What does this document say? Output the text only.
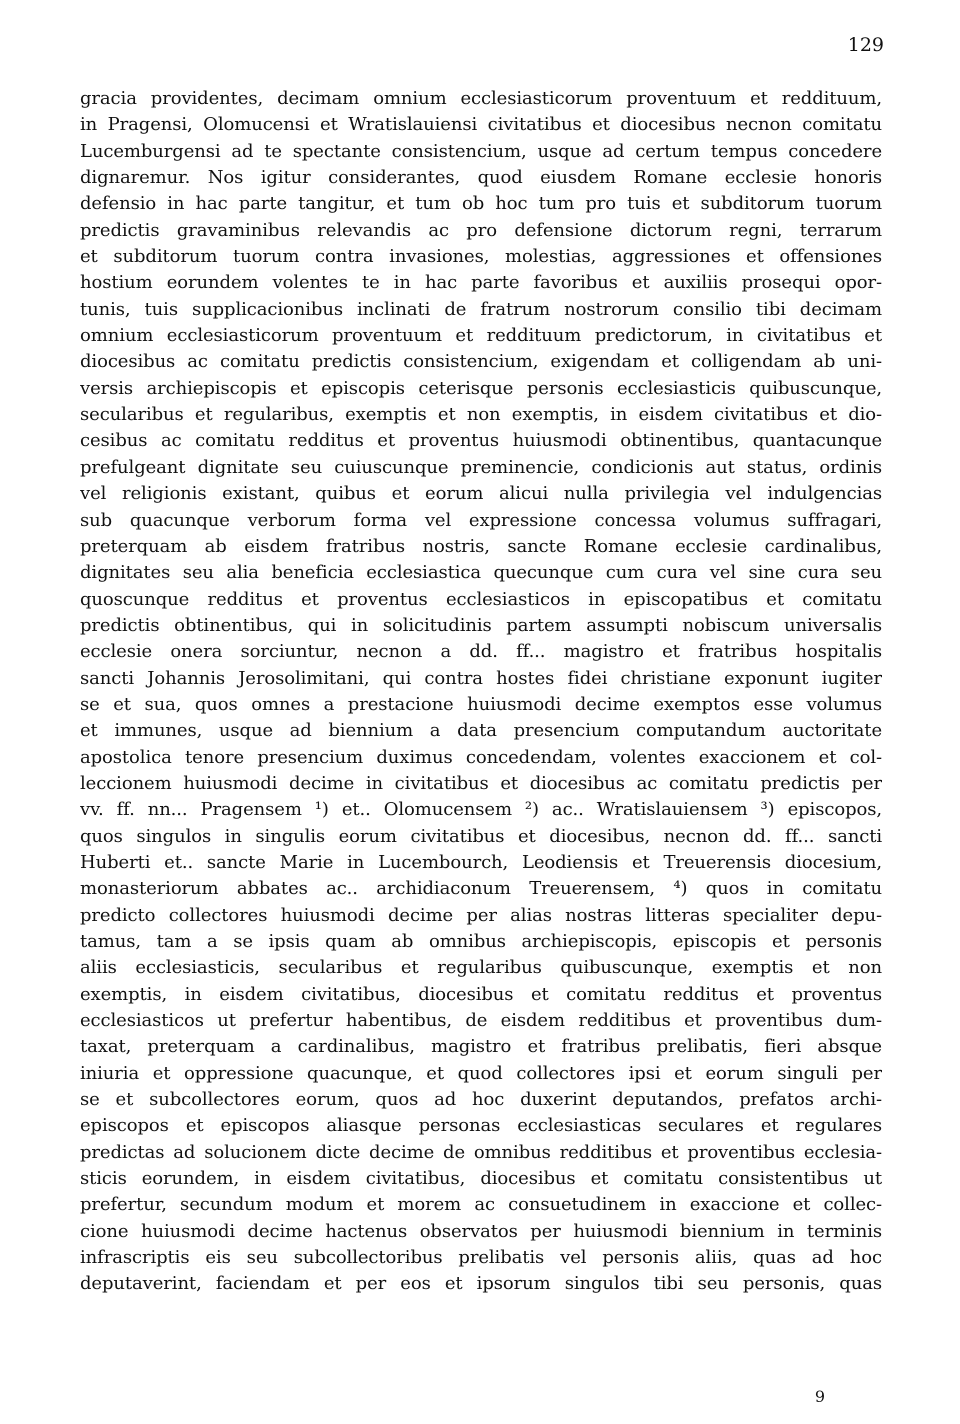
129
gracia providentes, decimam omnium ecclesiasticorum proventuum et reddituum,
in Pragensi, Olomucensi et Wratislauiensi civitatibus et diocesibus necnon comitatu
Lucemburgensi ad te spectante consistencium, usque ad certum tempus concedere
dignaremur. Nos igitur considerantes, quod eiusdem Romane ecclesie honoris
defensio in hac parte tangitur, et tum ob hoc tum pro tuis et subditorum tuorum
predictis gravaminibus relevandis ac pro defensione dictorum regni, terrarum
et subditorum tuorum contra invasiones, molestias, aggressiones et offensiones
hostium eorundem volentes te in hac parte favoribus et auxiliis prosequi opor-
tunis, tuis supplicacionibus inclinati de fratrum nostrorum consilio tibi decimam
omnium ecclesiasticorum proventuum et reddituum predictorum, in civitatibus et
diocesibus ac comitatu predictis consistencium, exigendam et colligendam ab uni-
versis archiepiscopis et episcopis ceterisque personis ecclesiasticis quibuscunque,
secularibus et regularibus, exemptis et non exemptis, in eisdem civitatibus et dio-
cesibus ac comitatu redditus et proventus huiusmodi obtinentibus, quantacunque
prefulgeant dignitate seu cuiuscunque preminencie, condicionis aut status, ordinis
vel religionis existant, quibus et eorum alicui nulla privilegia vel indulgencias
sub quacunque verborum forma vel expressione concessa volumus suffragari,
preterquam ab eisdem fratribus nostris, sancte Romane ecclesie cardinalibus,
dignitates seu alia beneficia ecclesiastica quecunque cum cura vel sine cura seu
quoscunque redditus et proventus ecclesiasticos in episcopatibus et comitatu
predictis obtinentibus, qui in solicitudinis partem assumpti nobiscum universalis
ecclesie onera sorciuntur, necnon a dd. ff... magistro et fratribus hospitalis
sancti Johannis Jerosolimitani, qui contra hostes fidei christiane exponunt iugiter
se et sua, quos omnes a prestacione huiusmodi decime exemptos esse volumus
et immunes, usque ad biennium a data presencium computandum auctoritate
apostolica tenore presencium duximus concedendam, volentes exaccionem et col-
leccionem huiusmodi decime in civitatibus et diocesibus ac comitatu predictis per
vv. ff. nn... Pragensem ¹) et.. Olomucensem ²) ac.. Wratislauiensem ³) episcopos,
quos singulos in singulis eorum civitatibus et diocesibus, necnon dd. ff... sancti
Huberti et.. sancte Marie in Lucembourch, Leodiensis et Treuerensis diocesium,
monasteriorum abbates ac.. archidiaconum Treuerensem, ⁴) quos in comitatu
predicto collectores huiusmodi decime per alias nostras litteras specialiter depu-
tamus, tam a se ipsis quam ab omnibus archiepiscopis, episcopis et personis
aliis ecclesiasticis, secularibus et regularibus quibuscunque, exemptis et non
exemptis, in eisdem civitatibus, diocesibus et comitatu redditus et proventus
ecclesiasticos ut prefertur habentibus, de eisdem redditibus et proventibus dum-
taxat, preterquam a cardinalibus, magistro et fratribus prelibatis, fieri absque
iniuria et oppressione quacunque, et quod collectores ipsi et eorum singuli per
se et subcollectores eorum, quos ad hoc duxerint deputandos, prefatos archi-
episcopos et episcopos aliasque personas ecclesiasticas seculares et regulares
predictas ad solucionem dicte decime de omnibus redditibus et proventibus ecclesia-
sticis eorundem, in eisdem civitatibus, diocesibus et comitatu consistentibus ut
prefertur, secundum modum et morem ac consuetudinem in exaccione et collec-
cione huiusmodi decime hactenus observatos per huiusmodi biennium in terminis
infrascriptis eis seu subcollectoribus prelibatis vel personis aliis, quas ad hoc
deputaverint, faciendam et per eos et ipsorum singulos tibi seu personis, quas
9
